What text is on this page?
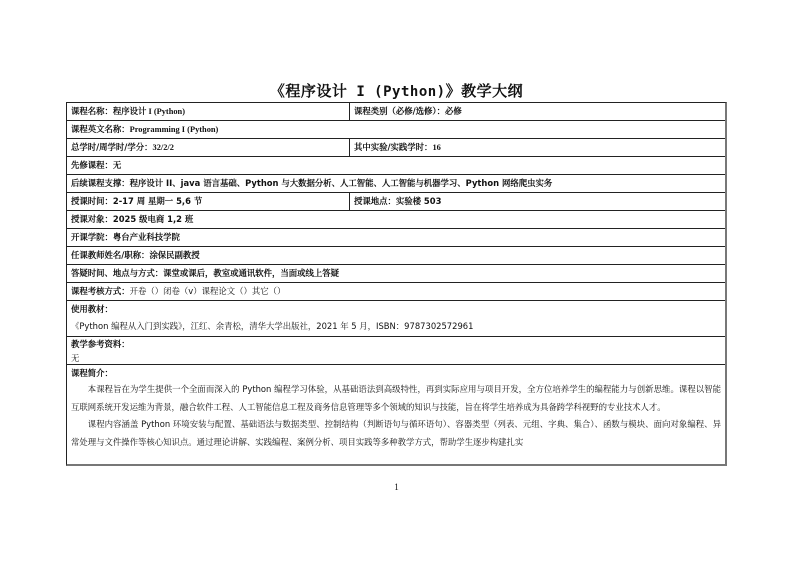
《程序设计 I (Python)》教学大纲
课程名称：程序设计 I (Python)	课程类别（必修/选修）：必修
课程英文名称：Programming I (Python)
总学时/周学时/学分：32/2/2	其中实验/实践学时：16
先修课程：无
后续课程支撑：程序设计 II、java 语言基础、Python 与大数据分析、人工智能、人工智能与机器学习、Python 网络爬虫实务
授课时间：2-17 周 星期一 5,6 节	授课地点：实验楼 503
授课对象：2025 级电商 1,2 班
开课学院：粤台产业科技学院
任课教师姓名/职称：涂保民副教授
答疑时间、地点与方式：课堂或课后，教室或通讯软件，当面或线上答疑
课程考核方式：开卷（）闭卷（v）课程论文（）其它（）
使用教材：
《Python 编程从入门到实践》，江红、余青松，清华大学出版社，2021 年 5 月，ISBN：9787302572961
教学参考资料：
无
课程简介：

本课程旨在为学生提供一个全面而深入的 Python 编程学习体验，从基础语法到高级特性，再到实际应用与项目开发，全方位培养学生的编程能力与创新思维。课程以智能互联网系统开发运维为背景，融合软件工程、人工智能信息工程及商务信息管理等多个领域的知识与技能，旨在将学生培养成为具备跨学科视野的专业技术人才。

课程内容涵盖 Python 环境安装与配置、基础语法与数据类型、控制结构（判断语句与循环语句）、容器类型（列表、元组、字典、集合）、函数与模块、面向对象编程、异常处理与文件操作等核心知识点。通过理论讲解、实践编程、案例分析、项目实践等多种教学方式，帮助学生逐步构建扎实

1
